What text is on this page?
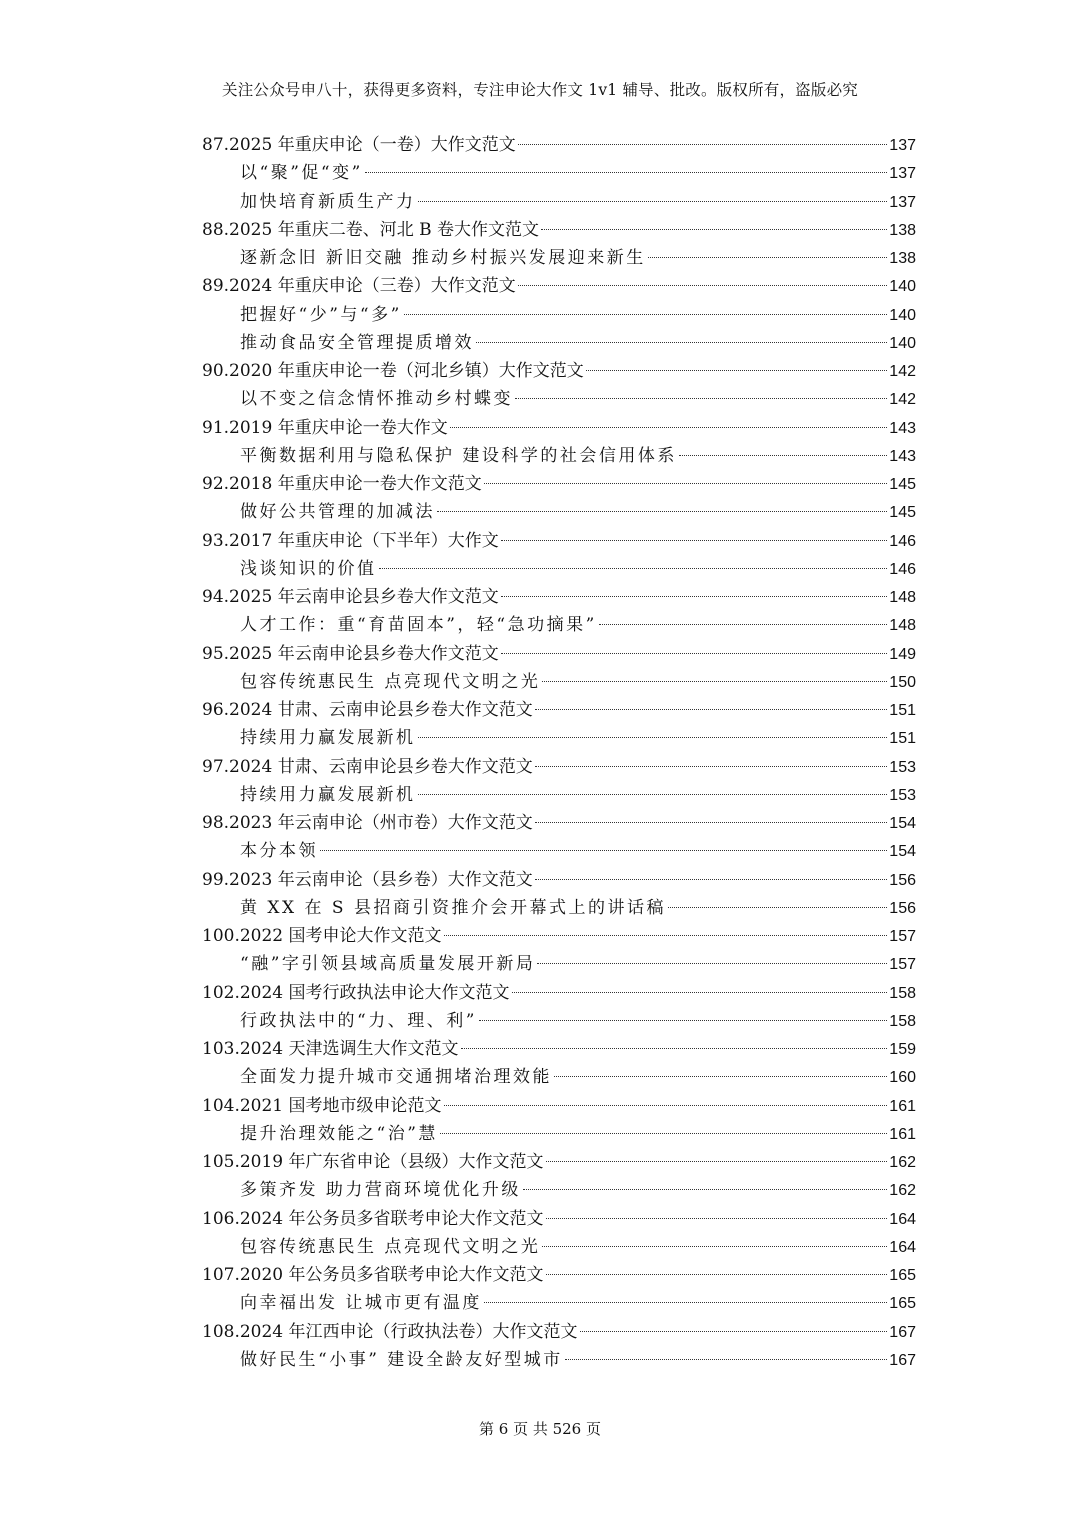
关注公众号申八十，获得更多资料，专注申论大作文 1v1 辅导、批改。版权所有，盗版必究
87.2025 年重庆申论（一卷）大作文范文	137
以“聚”促“变”	137
加快培育新质生产力	137
88.2025 年重庆二卷、河北 B 卷大作文范文	138
逐新念旧 新旧交融 推动乡村振兴发展迎来新生	138
89.2024 年重庆申论（三卷）大作文范文	140
把握好“少”与“多”	140
推动食品安全管理提质增效	140
90.2020 年重庆申论一卷（河北乡镇）大作文范文	142
以不变之信念情怀推动乡村蝶变	142
91.2019 年重庆申论一卷大作文	143
平衡数据利用与隐私保护 建设科学的社会信用体系	143
92.2018 年重庆申论一卷大作文范文	145
做好公共管理的加减法	145
93.2017 年重庆申论（下半年）大作文	146
浅谈知识的价值	146
94.2025 年云南申论县乡卷大作文范文	148
人才工作：重“育苗固本”，轻“急功摘果”	148
95.2025 年云南申论县乡卷大作文范文	149
包容传统惠民生 点亮现代文明之光	150
96.2024 甘肃、云南申论县乡卷大作文范文	151
持续用力赢发展新机	151
97.2024 甘肃、云南申论县乡卷大作文范文	153
持续用力赢发展新机	153
98.2023 年云南申论（州市卷）大作文范文	154
本分本领	154
99.2023 年云南申论（县乡卷）大作文范文	156
黄 XX 在 S 县招商引资推介会开幕式上的讲话稿	156
100.2022 国考申论大作文范文	157
“融”字引领县域高质量发展开新局	157
102.2024 国考行政执法申论大作文范文	158
行政执法中的“力、理、利”	158
103.2024 天津选调生大作文范文	159
全面发力提升城市交通拥堵治理效能	160
104.2021 国考地市级申论范文	161
提升治理效能之“治”慧	161
105.2019 年广东省申论（县级）大作文范文	162
多策齐发 助力营商环境优化升级	162
106.2024 年公务员多省联考申论大作文范文	164
包容传统惠民生 点亮现代文明之光	164
107.2020 年公务员多省联考申论大作文范文	165
向幸福出发 让城市更有温度	165
108.2024 年江西申论（行政执法卷）大作文范文	167
做好民生“小事” 建设全龄友好型城市	167
第 6 页 共 526 页
